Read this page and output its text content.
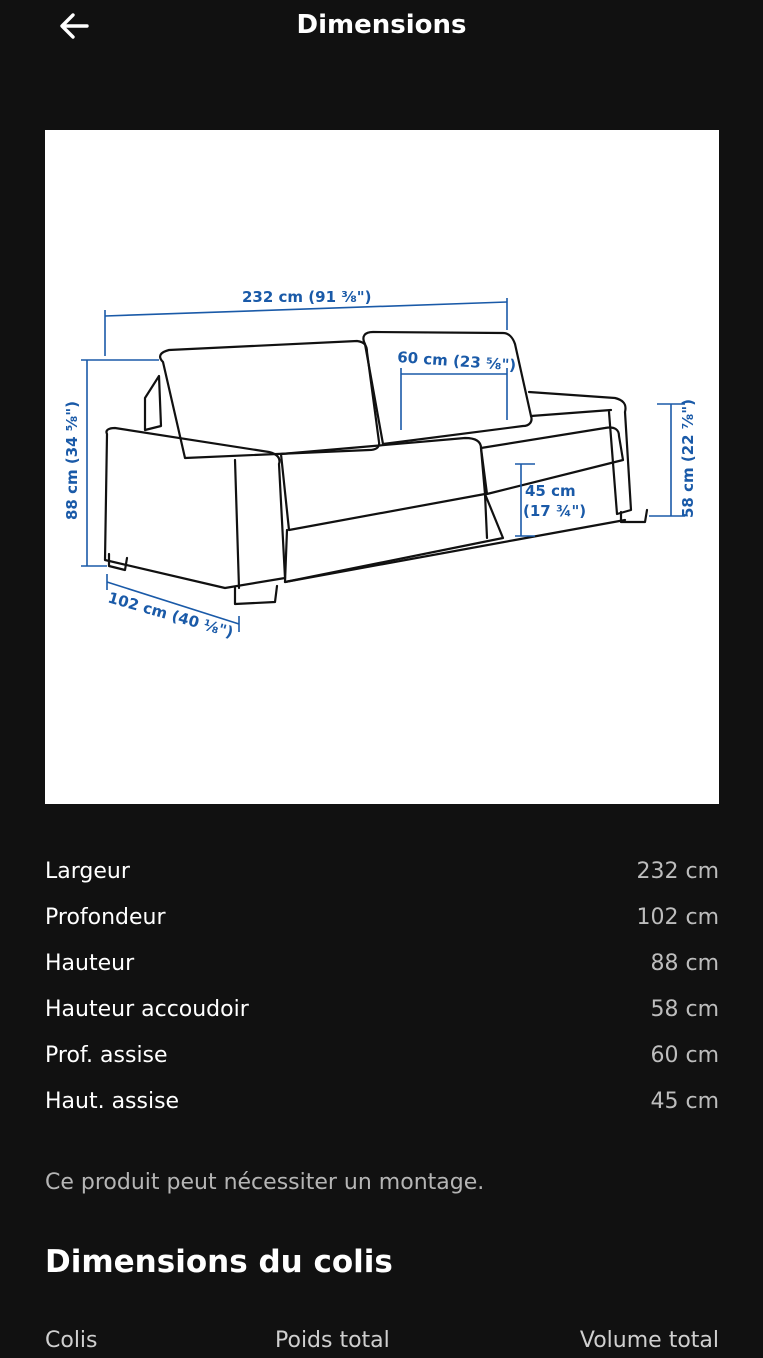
Dimensions
232 cm (91 ⅜")
60 cm (23 ⅝")
88 cm (34 ⅝")	58 cm (22 ⅞")
45 cm
(17 ¾")
102 cm (40 ⅛")
Largeur	232 cm
Profondeur	102 cm
Hauteur	88 cm
Hauteur accoudoir	58 cm
Prof. assise	60 cm
Haut. assise	45 cm
Ce produit peut nécessiter un montage.
Dimensions du colis
Colis	Poids total	Volume total
